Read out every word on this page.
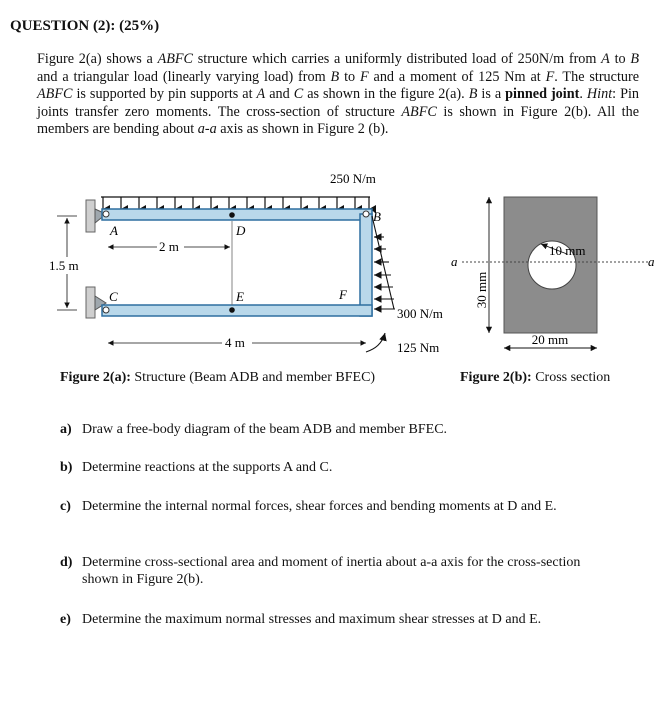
QUESTION (2): (25%)
Figure 2(a) shows a ABFC structure which carries a uniformly distributed load of 250N/m from A to B and a triangular load (linearly varying load) from B to F and a moment of 125 Nm at F. The structure ABFC is supported by pin supports at A and C as shown in the figure 2(a). B is a pinned joint. Hint: Pin joints transfer zero moments. The cross-section of structure ABFC is shown in Figure 2(b). All the members are bending about a-a axis as shown in Figure 2 (b).
250 N/m
300 N/m
125 Nm
A
B
C
D
E	F
2 m
4 m
1.5 m
Figure 2(a): Structure (Beam ADB and member BFEC)
a	a
10 mm
30 mm
20 mm
Figure 2(b): Cross section
a) Draw a free-body diagram of the beam ADB and member BFEC.
b) Determine reactions at the supports A and C.
c) Determine the internal normal forces, shear forces and bending moments at D and E.
d) Determine cross-sectional area and moment of inertia about a-a axis for the cross-section
shown in Figure 2(b).
e) Determine the maximum normal stresses and maximum shear stresses at D and E.
